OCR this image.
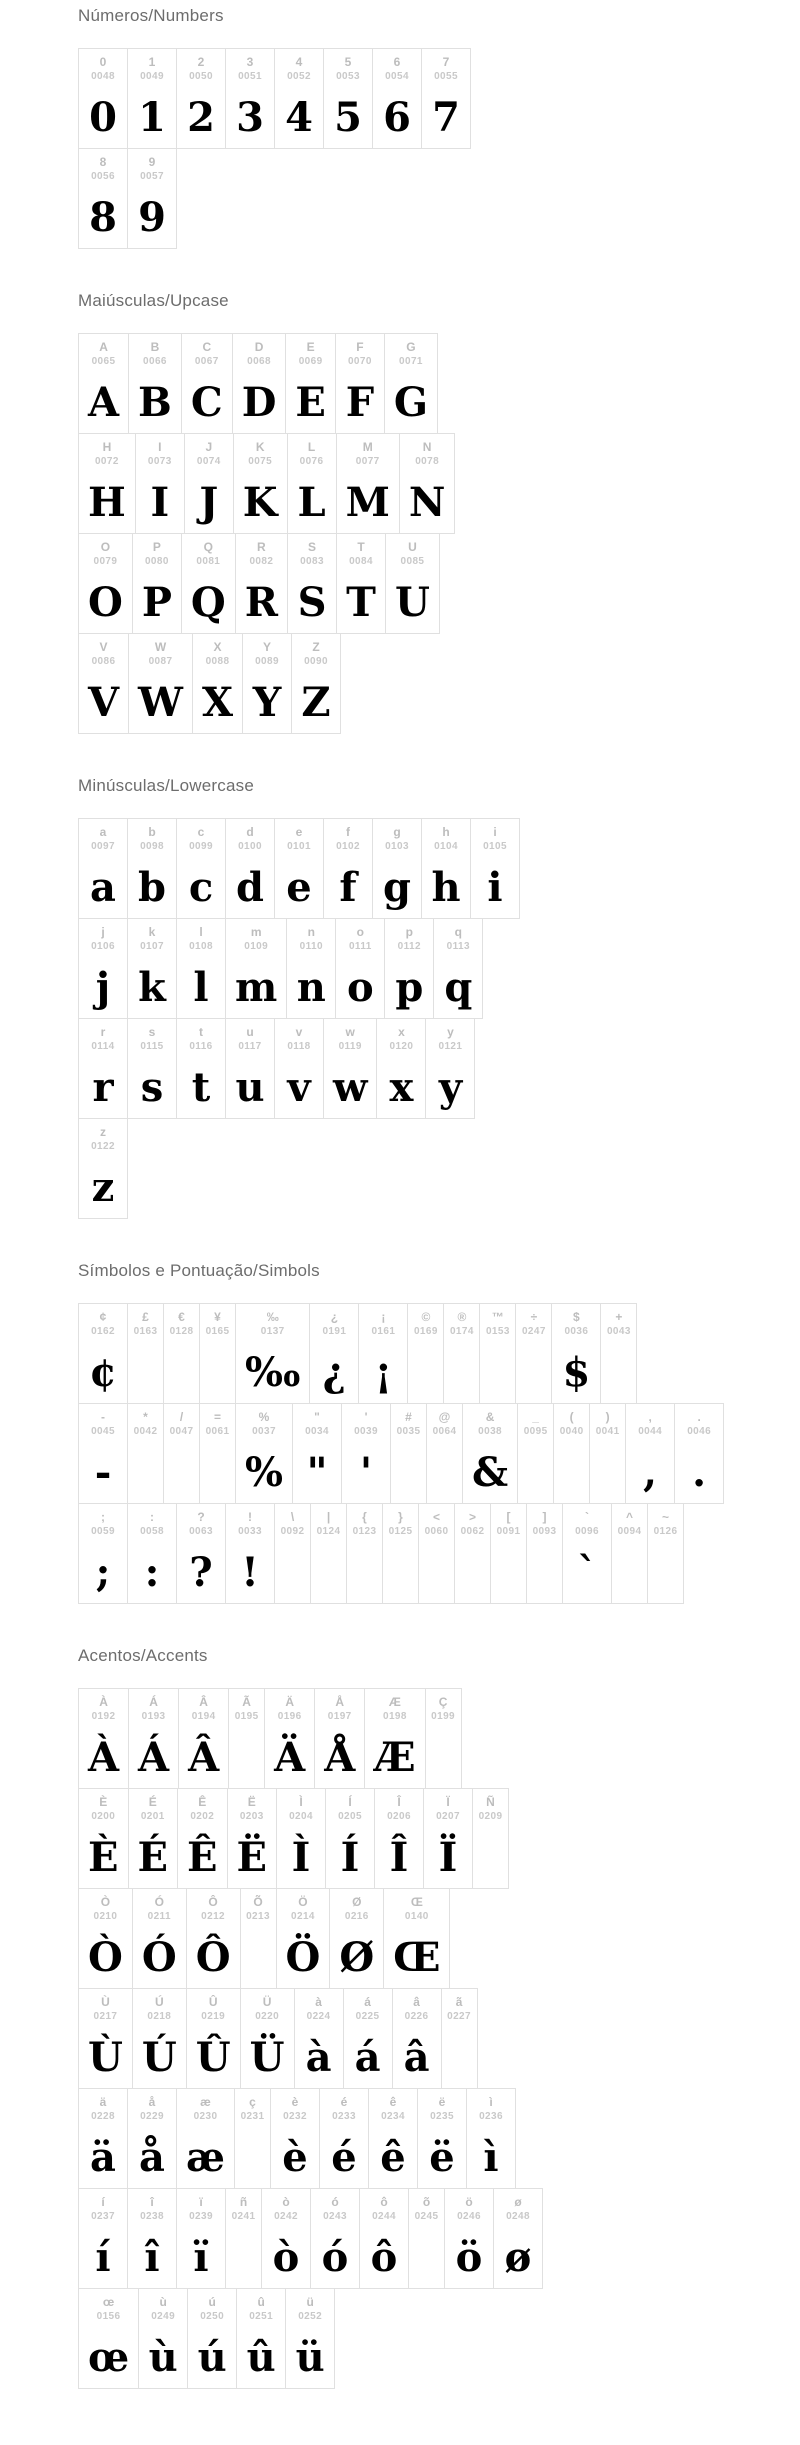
Números/Numbers
0
0048
0
1
0049
1
2
0050
2
3
0051
3
4
0052
4
5
0053
5
6
0054
6
7
0055
7
8
0056
8
9
0057
9
Maiúsculas/Upcase
A
0065
A
B
0066
B
C
0067
C
D
0068
D
E
0069
E
F
0070
F
G
0071
G
H
0072
H
I
0073
I
J
0074
J
K
0075
K
L
0076
L
M
0077
M
N
0078
N
O
0079
O
P
0080
P
Q
0081
Q
R
0082
R
S
0083
S
T
0084
T
U
0085
U
V
0086
V
W
0087
W
X
0088
X
Y
0089
Y
Z
0090
Z
Minúsculas/Lowercase
a
0097
a
b
0098
b
c
0099
c
d
0100
d
e
0101
e
f
0102
f
g
0103
g
h
0104
h
i
0105
i
j
0106
j
k
0107
k
l
0108
l
m
0109
m
n
0110
n
o
0111
o
p
0112
p
q
0113
q
r
0114
r
s
0115
s
t
0116
t
u
0117
u
v
0118
v
w
0119
w
x
0120
x
y
0121
y
z
0122
z
Símbolos e Pontuação/Simbols
¢
0162
¢
£
0163
€
0128
¥
0165
‰
0137
‰
¿
0191
¿
¡
0161
¡
©
0169
®
0174
™
0153
÷
0247
$
0036
$
+
0043
-
0045
-
*
0042
/
0047
=
0061
%
0037
%
"
0034
"
'
0039
'
#
0035
@
0064
&
0038
&
_
0095
(
0040
)
0041
,
0044
,
.
0046
.
;
0059
;
:
0058
:
?
0063
?
!
0033
!
\
0092
|
0124
{
0123
}
0125
<
0060
>
0062
[
0091
]
0093
`
0096
`
^
0094
~
0126
Acentos/Accents
À
0192
À
Á
0193
Á
Â
0194
Â
Ã
0195
Ä
0196
Ä
Å
0197
Å
Æ
0198
Æ
Ç
0199
È
0200
È
É
0201
É
Ê
0202
Ê
Ë
0203
Ë
Ì
0204
Ì
Í
0205
Í
Î
0206
Î
Ï
0207
Ï
Ñ
0209
Ò
0210
Ò
Ó
0211
Ó
Ô
0212
Ô
Õ
0213
Ö
0214
Ö
Ø
0216
Ø
Œ
0140
Œ
Ù
0217
Ù
Ú
0218
Ú
Û
0219
Û
Ü
0220
Ü
à
0224
à
á
0225
á
â
0226
â
ã
0227
ä
0228
ä
å
0229
å
æ
0230
æ
ç
0231
è
0232
è
é
0233
é
ê
0234
ê
ë
0235
ë
ì
0236
ì
í
0237
í
î
0238
î
ï
0239
ï
ñ
0241
ò
0242
ò
ó
0243
ó
ô
0244
ô
õ
0245
ö
0246
ö
ø
0248
ø
œ
0156
œ
ù
0249
ù
ú
0250
ú
û
0251
û
ü
0252
ü
